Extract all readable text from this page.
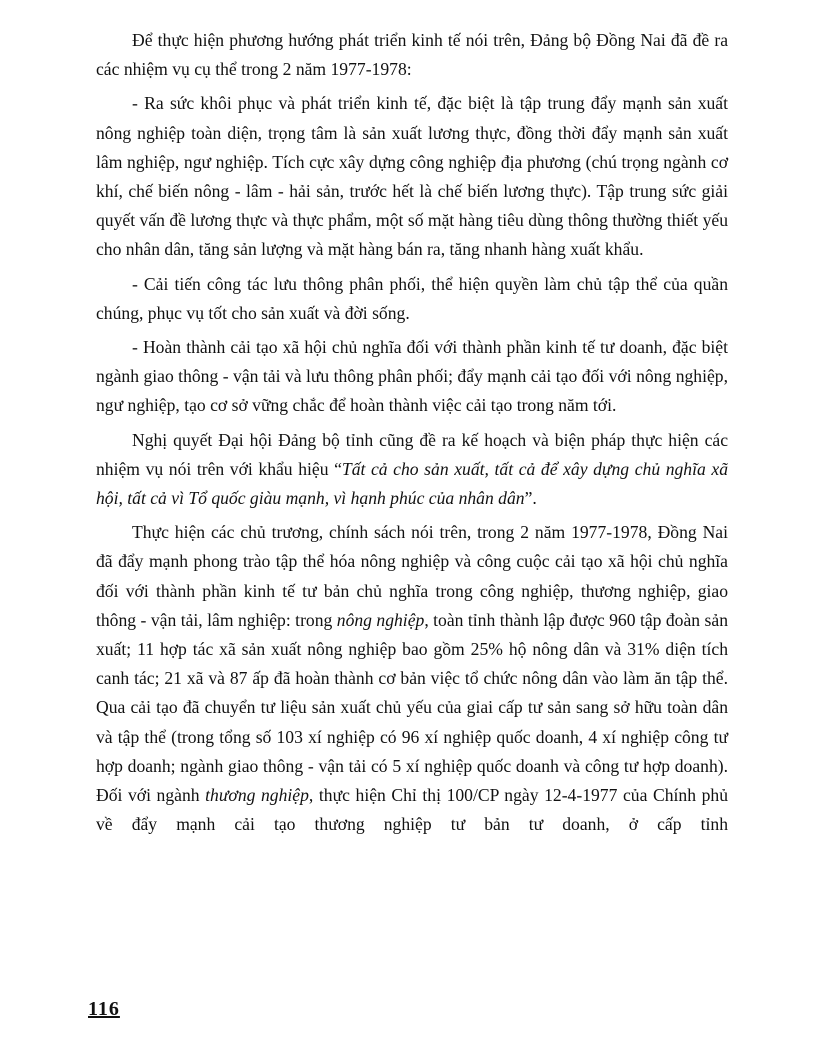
Để thực hiện phương hướng phát triển kinh tế nói trên, Đảng bộ Đồng Nai đã đề ra các nhiệm vụ cụ thể trong 2 năm 1977-1978:

- Ra sức khôi phục và phát triển kinh tế, đặc biệt là tập trung đẩy mạnh sản xuất nông nghiệp toàn diện, trọng tâm là sản xuất lương thực, đồng thời đẩy mạnh sản xuất lâm nghiệp, ngư nghiệp. Tích cực xây dựng công nghiệp địa phương (chú trọng ngành cơ khí, chế biến nông - lâm - hải sản, trước hết là chế biến lương thực). Tập trung sức giải quyết vấn đề lương thực và thực phẩm, một số mặt hàng tiêu dùng thông thường thiết yếu cho nhân dân, tăng sản lượng và mặt hàng bán ra, tăng nhanh hàng xuất khẩu.

- Cải tiến công tác lưu thông phân phối, thể hiện quyền làm chủ tập thể của quần chúng, phục vụ tốt cho sản xuất và đời sống.

- Hoàn thành cải tạo xã hội chủ nghĩa đối với thành phần kinh tế tư doanh, đặc biệt ngành giao thông - vận tải và lưu thông phân phối; đẩy mạnh cải tạo đối với nông nghiệp, ngư nghiệp, tạo cơ sở vững chắc để hoàn thành việc cải tạo trong năm tới.

Nghị quyết Đại hội Đảng bộ tỉnh cũng đề ra kế hoạch và biện pháp thực hiện các nhiệm vụ nói trên với khẩu hiệu “Tất cả cho sản xuất, tất cả để xây dựng chủ nghĩa xã hội, tất cả vì Tổ quốc giàu mạnh, vì hạnh phúc của nhân dân”.

Thực hiện các chủ trương, chính sách nói trên, trong 2 năm 1977-1978, Đồng Nai đã đẩy mạnh phong trào tập thể hóa nông nghiệp và công cuộc cải tạo xã hội chủ nghĩa đối với thành phần kinh tế tư bản chủ nghĩa trong công nghiệp, thương nghiệp, giao thông - vận tải, lâm nghiệp: trong nông nghiệp, toàn tỉnh thành lập được 960 tập đoàn sản xuất; 11 hợp tác xã sản xuất nông nghiệp bao gồm 25% hộ nông dân và 31% diện tích canh tác; 21 xã và 87 ấp đã hoàn thành cơ bản việc tổ chức nông dân vào làm ăn tập thể. Qua cải tạo đã chuyển tư liệu sản xuất chủ yếu của giai cấp tư sản sang sở hữu toàn dân và tập thể (trong tổng số 103 xí nghiệp có 96 xí nghiệp quốc doanh, 4 xí nghiệp công tư hợp doanh; ngành giao thông - vận tải có 5 xí nghiệp quốc doanh và công tư hợp doanh). Đối với ngành thương nghiệp, thực hiện Chỉ thị 100/CP ngày 12-4-1977 của Chính phủ về đẩy mạnh cải tạo thương nghiệp tư bản tư doanh, ở cấp tỉnh

116
